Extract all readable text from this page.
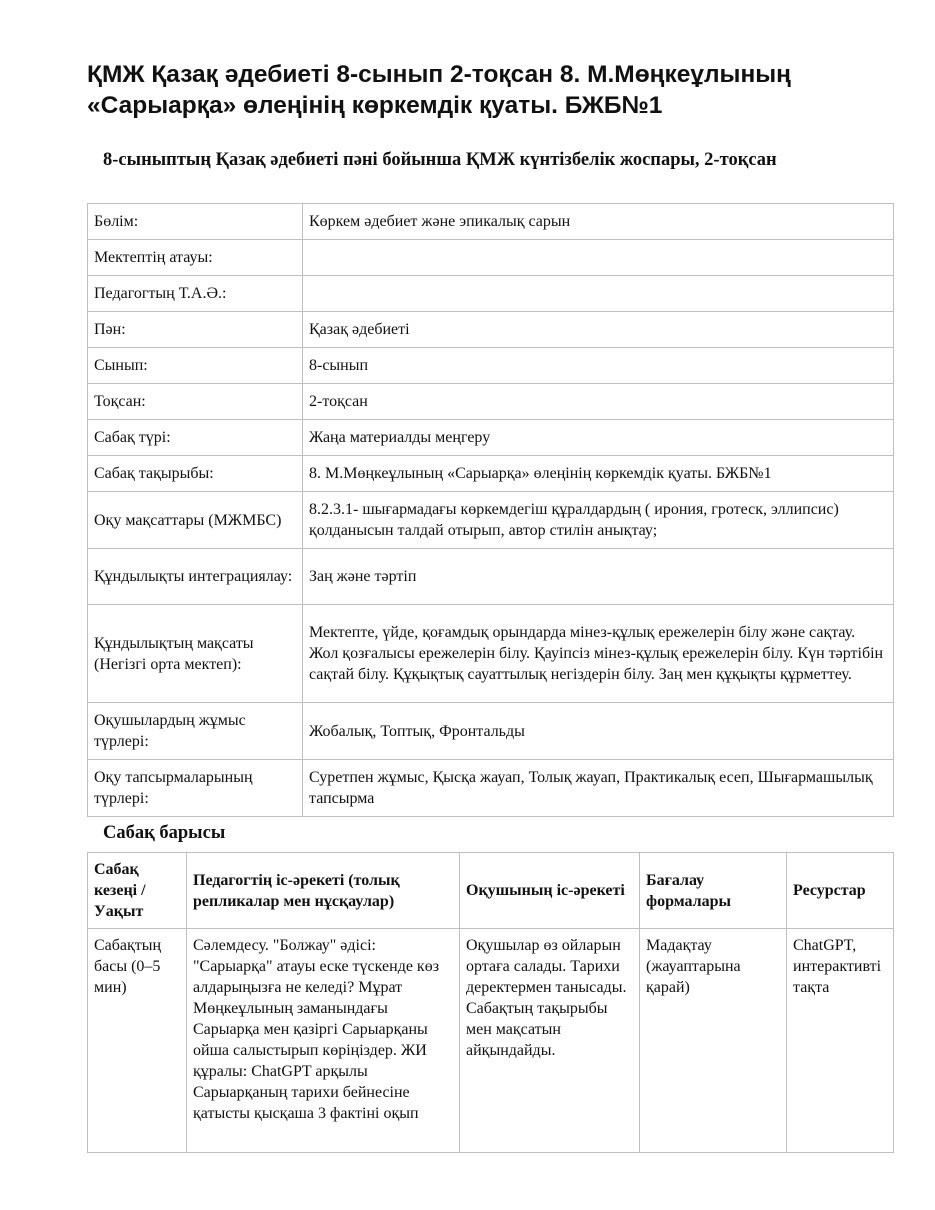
ҚМЖ Қазақ әдебиеті 8-сынып 2-тоқсан 8. М.Мөңкеұлының «Сарыарқа» өлеңінің көркемдік қуаты. БЖБ№1
8-сыныптың Қазақ әдебиеті пәні бойынша ҚМЖ күнтізбелік жоспары, 2-тоқсан
Бөлім:	Көркем әдебиет және эпикалық сарын
Мектептің атауы:	
Педагогтың Т.А.Ә.:	
Пән:	Қазақ әдебиеті
Сынып:	8-сынып
Тоқсан:	2-тоқсан
Сабақ түрі:	Жаңа материалды меңгеру
Сабақ тақырыбы:	8. М.Мөңкеұлының «Сарыарқа» өлеңінің көркемдік қуаты. БЖБ№1
Оқу мақсаттары (МЖМБС)	8.2.3.1- шығармадағы көркемдегіш құралдардың ( ирония, гротеск, эллипсис) қолданысын талдай отырып, автор стилін анықтау;
Құндылықты интеграциялау:	Заң және тәртіп
Құндылықтың мақсаты (Негізгі орта мектеп):	Мектепте, үйде, қоғамдық орындарда мінез-құлық ережелерін білу және сақтау. Жол қозғалысы ережелерін білу. Қауіпсіз мінез-құлық ережелерін білу. Күн тәртібін сақтай білу. Құқықтық сауаттылық негіздерін білу. Заң мен құқықты құрметтеу.
Оқушылардың жұмыс түрлері:	Жобалық, Топтық, Фронтальды
Оқу тапсырмаларының түрлері:	Суретпен жұмыс, Қысқа жауап, Толық жауап, Практикалық есеп, Шығармашылық тапсырма
Сабақ барысы
Сабақ кезеңі / Уақыт	Педагогтің іс-әрекеті (толық репликалар мен нұсқаулар)	Оқушының іс-әрекеті	Бағалау формалары	Ресурстар
Сабақтың басы (0–5 мин)	Сәлемдесу. "Болжау" әдісі: "Сарыарқа" атауы еске түскенде көз алдарыңызға не келеді? Мұрат Мөңкеұлының заманындағы Сарыарқа мен қазіргі Сарыарқаны ойша салыстырып көріңіздер. ЖИ құралы: ChatGPT арқылы Сарыарқаның тарихи бейнесіне қатысты қысқаша 3 фактіні оқып	Оқушылар өз ойларын ортаға салады. Тарихи деректермен танысады. Сабақтың тақырыбы мен мақсатын айқындайды.	Мадақтау (жауаптарына қарай)	ChatGPT, интерактивті тақта
